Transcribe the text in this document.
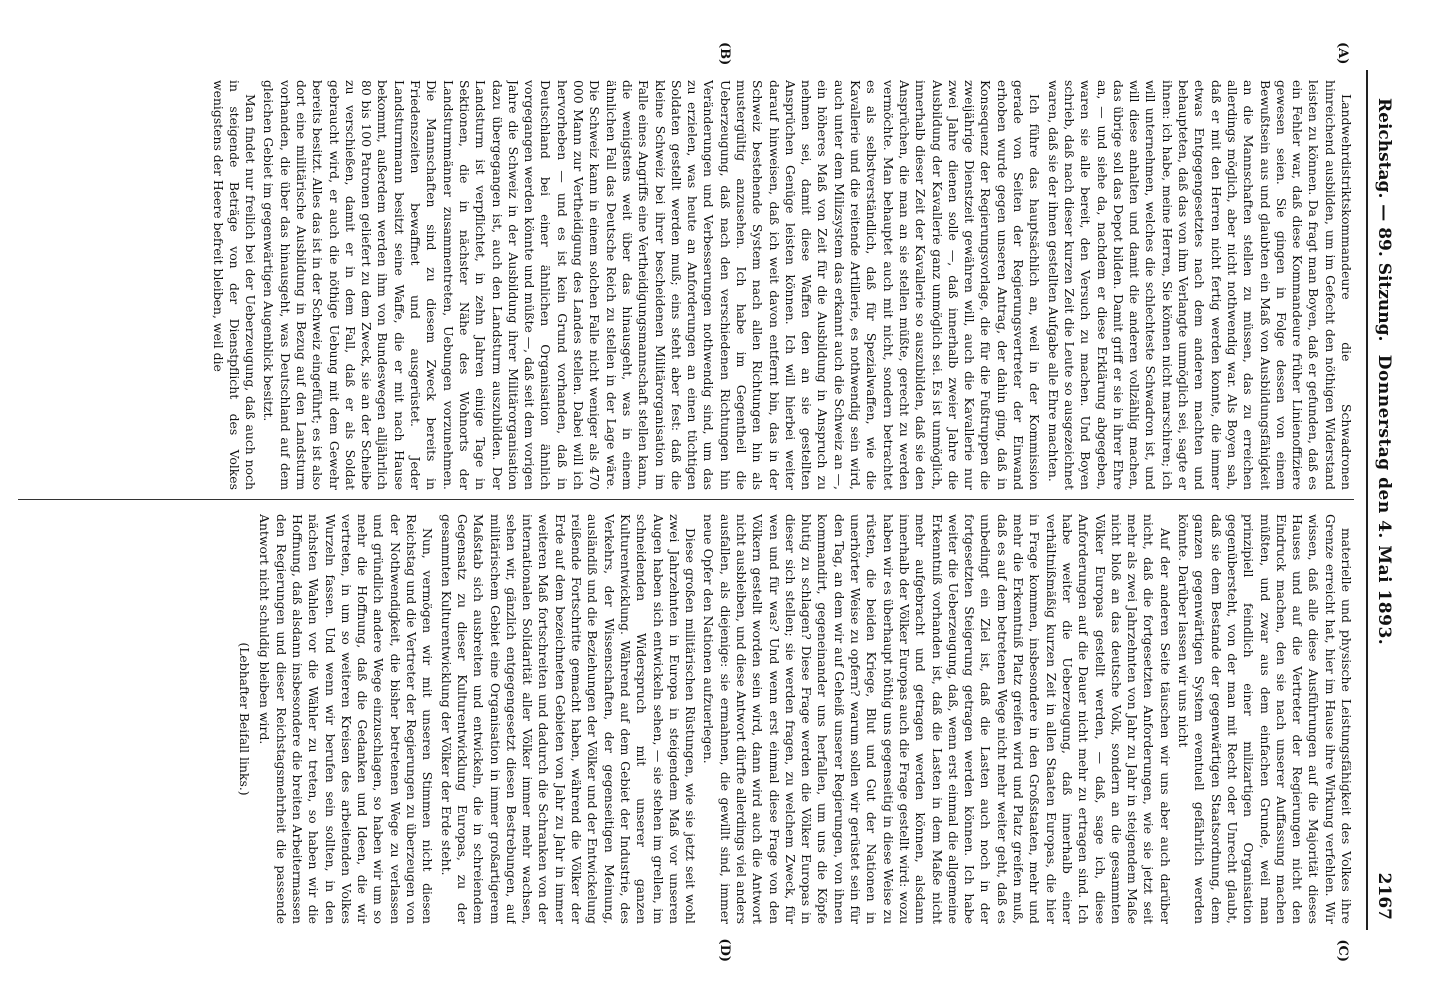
Reichstag. — 89. Sitzung.
Donnerstag den 4. Mai 1893.
2167
(A)
(B)
(C)
(D)

Landwehrdistriktskommandeure die Schwadronen hinreichend ausbilden, um im Gefecht den nöthigen Widerstand leisten zu können. Da fragt man Boyen, daß er gefunden, daß es ein Fehler war, daß diese Kommandeure früher Linienoffiziere gewesen seien. Sie gingen in Folge dessen von einem Bewußtsein aus und glaubten ein Maß von Ausbildungsfähigkeit an die Mannschaften stellen zu müssen, das zu erreichen allerdings möglich, aber nicht nothwendig war. Als Boyen sah, daß er mit den Herren nicht fertig werden konnte, die immer etwas Entgegengesetztes nach dem anderen machten und behaupteten, daß das von ihm Verlangte unmöglich sei, sagte er ihnen: ich habe, meine Herren, Sie können nicht marschiren; ich will unternehmen, welches die schlechteste Schwadron ist, und will diese anhalten und damit die anderen vollzählig machen, das übrige soll das Depot bilden. Damit griff er sie in ihrer Ehre an, — und siehe da, nachdem er diese Erklärung abgegeben, waren sie alle bereit, den Versuch zu machen. Und Boyen schrieb, daß nach dieser kurzen Zeit die Leute so ausgezeichnet waren, daß sie der ihnen gestellten Aufgabe alle Ehre machten.

Ich führe das hauptsächlich an, weil in der Kommission gerade von Seiten der Regierungsvertreter der Einwand erhoben wurde gegen unseren Antrag, der dahin ging, daß in Konsequenz der Regierungsvorlage, die für die Fußtruppen die zweijährige Dienstzeit gewähren will, auch die Kavallerie nur zwei Jahre dienen solle —, daß innerhalb zweier Jahre die Ausbildung der Kavallerie ganz unmöglich sei. Es ist unmöglich, innerhalb dieser Zeit der Kavallerie so auszubilden, daß sie den Ansprüchen, die man an sie stellen müßte, gerecht zu werden vermöchte. Man behauptet auch mit nicht, sondern betrachtet es als selbstverständlich, daß für Spezialwaffen, wie die Kavallerie und die reitende Artillerie, es nothwendig sein wird, auch unter dem Milizsystem das erkannt auch die Schweiz an —, ein höheres Maß von Zeit für die Ausbildung in Anspruch zu nehmen sei, damit diese Waffen den an sie gestellten Ansprüchen Genüge leisten können. Ich will hierbei weiter darauf hinweisen, daß ich weit davon entfernt bin, das in der Schweiz bestehende System nach allen Richtungen hin als mustergültig anzusehen. Ich habe im Gegentheil die Ueberzeugung, daß nach den verschiedenen Richtungen hin Veränderungen und Verbesserungen nothwendig sind, um das zu erzielen, was heute an Anforderungen an einen tüchtigen Soldaten gestellt werden muß; eins steht aber fest: daß die kleine Schweiz bei ihrer bescheidenen Militärorganisation im Falle eines Angriffs eine Vertheidigungsmannschaft stellen kann, die wenigstens weit über das hinausgeht, was in einem ähnlichen Fall das Deutsche Reich zu stellen in der Lage wäre. Die Schweiz kann in einem solchen Falle nicht weniger als 470 000 Mann zur Vertheidigung des Landes stellen. Dabei will ich hervorheben — und es ist kein Grund vorhanden, daß in Deutschland bei einer ähnlichen Organisation ähnlich vorgegangen werden könnte und müßte —, daß seit dem vorigen Jahre die Schweiz in der Ausbildung ihrer Militärorganisation dazu übergegangen ist, auch den Landsturm auszubilden. Der Landsturm ist verpflichtet, in zehn Jahren einige Tage in Sektionen, die in nächster Nähe des Wohnorts der Landsturmmänner zusammentreten, Uebungen vorzunehmen. Die Mannschaften sind zu diesem Zweck bereits in Friedenszeiten bewaffnet und ausgerüstet. Jeder Landsturmmann besitzt seine Waffe, die er mit nach Hause bekommt, außerdem werden ihm von Bundeswegen alljährlich 80 bis 100 Patronen geliefert zu dem Zweck, sie an der Scheibe zu verschießen, damit er in dem Fall, daß er als Soldat gebraucht wird, er auch die nöthige Uebung mit dem Gewehr bereits besitzt. Alles das ist in der Schweiz eingeführt; es ist also dort eine militärische Ausbildung in Bezug auf den Landsturm vorhanden, die über das hinausgeht, was Deutschland auf dem gleichen Gebiet im gegenwärtigen Augenblick besitzt.

Man findet nur freilich bei der Ueberzeugung, daß auch noch in steigende Beträge von der Dienstpflicht des Volkes wenigstens der Heere befreit bleiben, weil die

materielle und physische Leistungsfähigkeit des Volkes ihre Grenze erreicht hat, hier im Hause ihre Wirkung verfehlen. Wir wissen, daß alle diese Ausführungen auf die Majorität dieses Hauses und auf die Vertreter der Regierungen nicht den Eindruck machen, den sie nach unserer Auffassung machen müßten, und zwar aus dem einfachen Grunde, weil man prinzipiell feindlich einer milizartigen Organisation gegenübersteht, von der man mit Recht oder Unrecht glaubt, daß sie dem Bestande der gegenwärtigen Staatsordnung, dem ganzen gegenwärtigen System eventuell gefährlich werden könnte. Darüber lassen wir uns nicht

Auf der anderen Seite täuschen wir uns aber auch darüber nicht, daß die fortgesetzten Anforderungen, wie sie jetzt seit mehr als zwei Jahrzehnten von Jahr zu Jahr in steigendem Maße nicht bloß an das deutsche Volk, sondern an die gesammten Völker Europas gestellt werden, — daß, sage ich, diese Anforderungen auf die Dauer nicht mehr zu ertragen sind. Ich habe weiter die Ueberzeugung, daß innerhalb einer verhältnißmäßig kurzen Zeit in allen Staaten Europas, die hier in Frage kommen, insbesondere in den Großstaaten, mehr und mehr die Erkenntniß Platz greifen wird und Platz greifen muß, daß es auf dem betretenen Wege nicht mehr weiter geht, daß es unbedingt ein Ziel ist, daß die Lasten auch noch in der fortgesetzten Steigerung getragen werden können. Ich habe weiter die Ueberzeugung, daß, wenn erst einmal die allgemeine Erkenntniß vorhanden ist, daß die Lasten in dem Maße nicht mehr aufgebracht und getragen werden können, alsdann innerhalb der Völker Europas auch die Frage gestellt wird: wozu haben wir es überhaupt nöthig uns gegenseitig in diese Weise zu rüsten, die beiden Kriege, Blut und Gut der Nationen in unerhörter Weise zu opfern? warum sollen wir gerüstet sein für den Tag, an dem wir auf Geheiß unserer Regierungen, von ihnen kommandirt, gegeneinander uns herfallen, um uns die Köpfe blutig zu schlagen? Diese Frage werden die Völker Europas in dieser sich stellen; sie werden fragen, zu welchem Zweck, für wen und für was? Und wenn erst einmal diese Frage von den Völkern gestellt worden sein wird, dann wird auch die Antwort nicht ausbleiben, und diese Antwort dürfte allerdings viel anders ausfallen, als diejenige: sie ermahnen, die gewillt sind, immer neue Opfer den Nationen aufzuerlegen.

Diese großen militärischen Rüstungen, wie sie jetzt seit wohl zwei Jahrzehnten in Europa in steigendem Maß vor unseren Augen haben sich entwickeln sehen, — sie stehen im grellen, im schneidenden Widerspruch mit unserer ganzen Kulturentwicklung. Während auf dem Gebiet der Industrie, des Verkehrs, der Wissenschaften, der gegenseitigen Meinung, ausländiß und die Beziehungen der Völker und der Entwickelung reißende Fortschritte gemacht haben, während die Völker der Erde auf dem bezeichneten Gebieten von Jahr zu Jahr in immer weiteren Maß fortschreiten und dadurch die Schranken von der internationalen Solidarität aller Völker immer mehr wachsen, sehen wir, gänzlich entgegengesetzt diesen Bestrebungen, auf militärischem Gebiet eine Organisation in immer großartigerem Maßstab sich ausbreiten und entwickeln, die in schreiendem Gegensatz zu dieser Kulturentwicklung Europas, zu der gesammten Kulturentwicklung der Völker der Erde steht.

Nun, vermögen wir mit unseren Stimmen nicht diesen Reichstag und die Vertreter der Regierungen zu überzeugen von der Nothwendigkeit, die bisher betretenen Wege zu verlassen und gründlich andere Wege einzuschlagen, so haben wir um so mehr die Hoffnung, daß die Gedanken und Ideen, die wir vertreten, in um so weiteren Kreisen des arbeitenden Volkes Wurzeln fassen. Und wenn wir berufen sein sollten, in den nächsten Wahlen vor die Wähler zu treten, so haben wir die Hoffnung, daß alsdann insbesondere die breiten Arbeitermassen den Regierungen und dieser Reichstagsmehrheit die passende Antwort nicht schuldig bleiben wird.

(Lebhafter Beifall links.)
